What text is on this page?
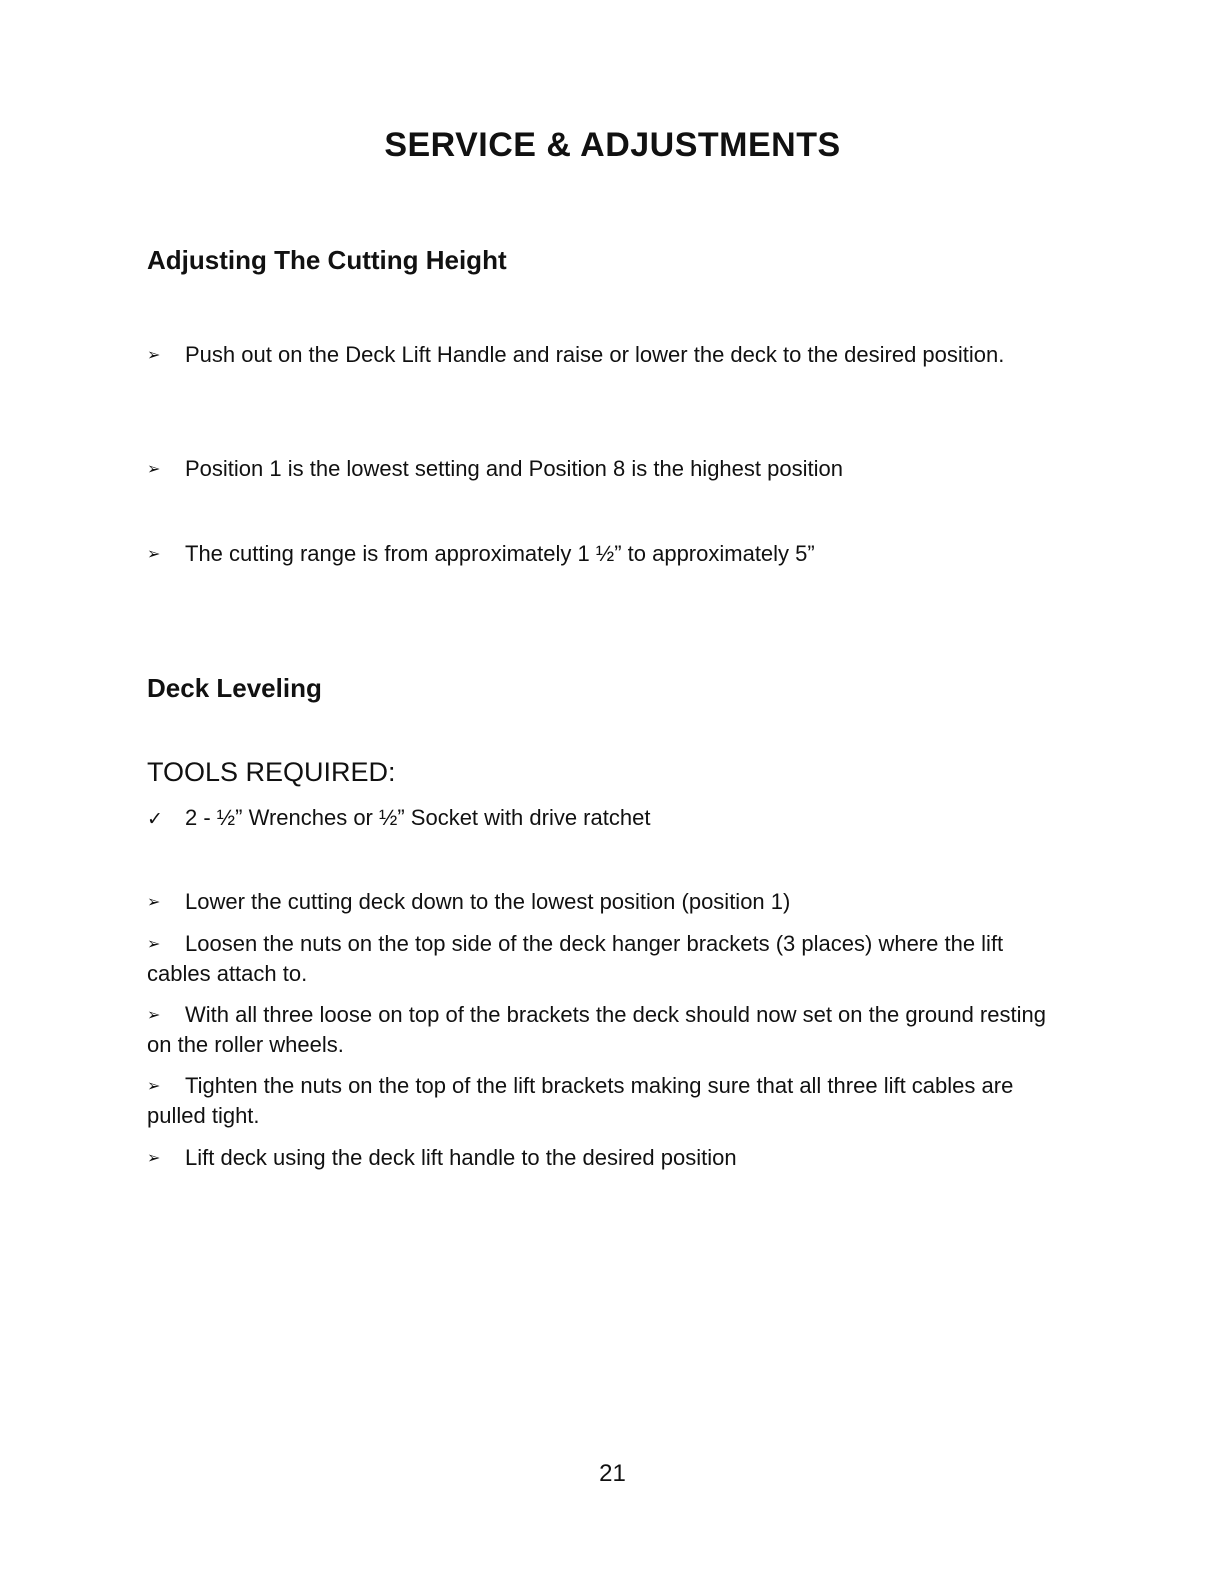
SERVICE & ADJUSTMENTS
Adjusting The Cutting Height

➢ Push out on the Deck Lift Handle and raise or lower the deck to the desired position.

➢ Position 1 is the lowest setting and Position 8 is the highest position

➢ The cutting range is from approximately 1 ½” to approximately 5”

Deck Leveling
TOOLS REQUIRED:

✓ 2 - ½” Wrenches or ½” Socket with drive ratchet

➢ Lower the cutting deck down to the lowest position (position 1)

➢ Loosen the nuts on the top side of the deck hanger brackets (3 places) where the lift cables attach to.

➢ With all three loose on top of the brackets the deck should now set on the ground resting on the roller wheels.

➢ Tighten the nuts on the top of the lift brackets making sure that all three lift cables are pulled tight.

➢ Lift deck using the deck lift handle to the desired position

21
